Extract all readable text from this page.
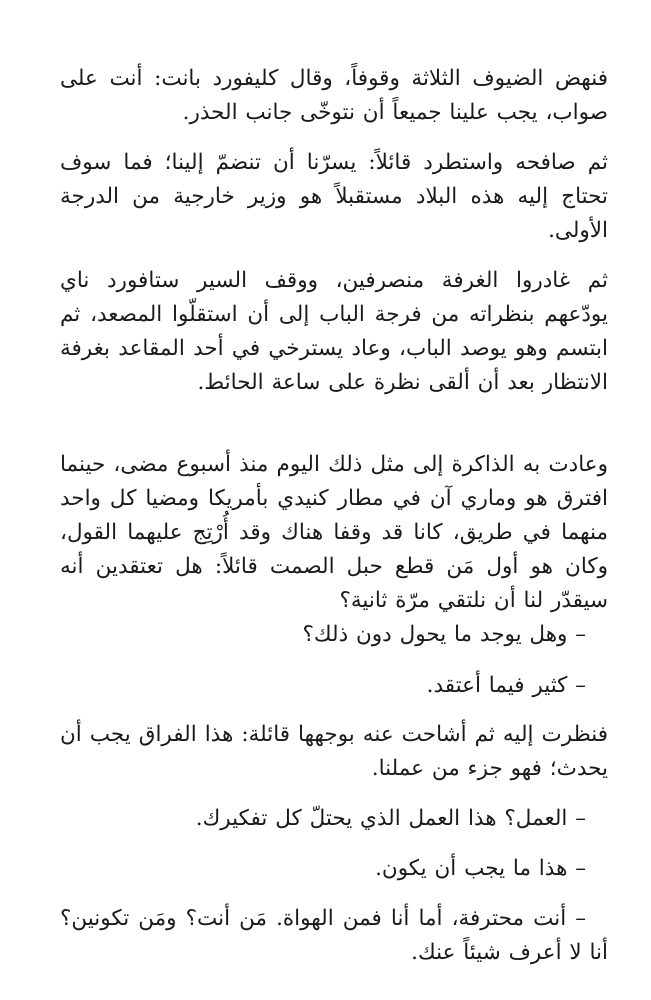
فنهض الضيوف الثلاثة وقوفاً، وقال كليفورد بانت: أنت على صواب، يجب علينا جميعاً أن نتوخّى جانب الحذر.

ثم صافحه واستطرد قائلاً: يسرّنا أن تنضمّ إلينا؛ فما سوف تحتاج إليه هذه البلاد مستقبلاً هو وزير خارجية من الدرجة الأولى.

ثم غادروا الغرفة منصرفين، ووقف السير ستافورد ناي يودّعهم بنظراته من فرجة الباب إلى أن استقلّوا المصعد، ثم ابتسم وهو يوصد الباب، وعاد يسترخي في أحد المقاعد بغرفة الانتظار بعد أن ألقى نظرة على ساعة الحائط.

وعادت به الذاكرة إلى مثل ذلك اليوم منذ أسبوع مضى، حينما افترق هو وماري آن في مطار كنيدي بأمريكا ومضيا كل واحد منهما في طريق، كانا قد وقفا هناك وقد أُرْتِج عليهما القول، وكان هو أول مَن قطع حبل الصمت قائلاً: هل تعتقدين أنه سيقدّر لنا أن نلتقي مرّة ثانية؟

– وهل يوجد ما يحول دون ذلك؟

– كثير فيما أعتقد.

فنظرت إليه ثم أشاحت عنه بوجهها قائلة: هذا الفراق يجب أن يحدث؛ فهو جزء من عملنا.

– العمل؟ هذا العمل الذي يحتلّ كل تفكيرك.

– هذا ما يجب أن يكون.

– أنت محترفة، أما أنا فمن الهواة. مَن أنت؟ ومَن تكونين؟ أنا لا أعرف شيئاً عنك.
